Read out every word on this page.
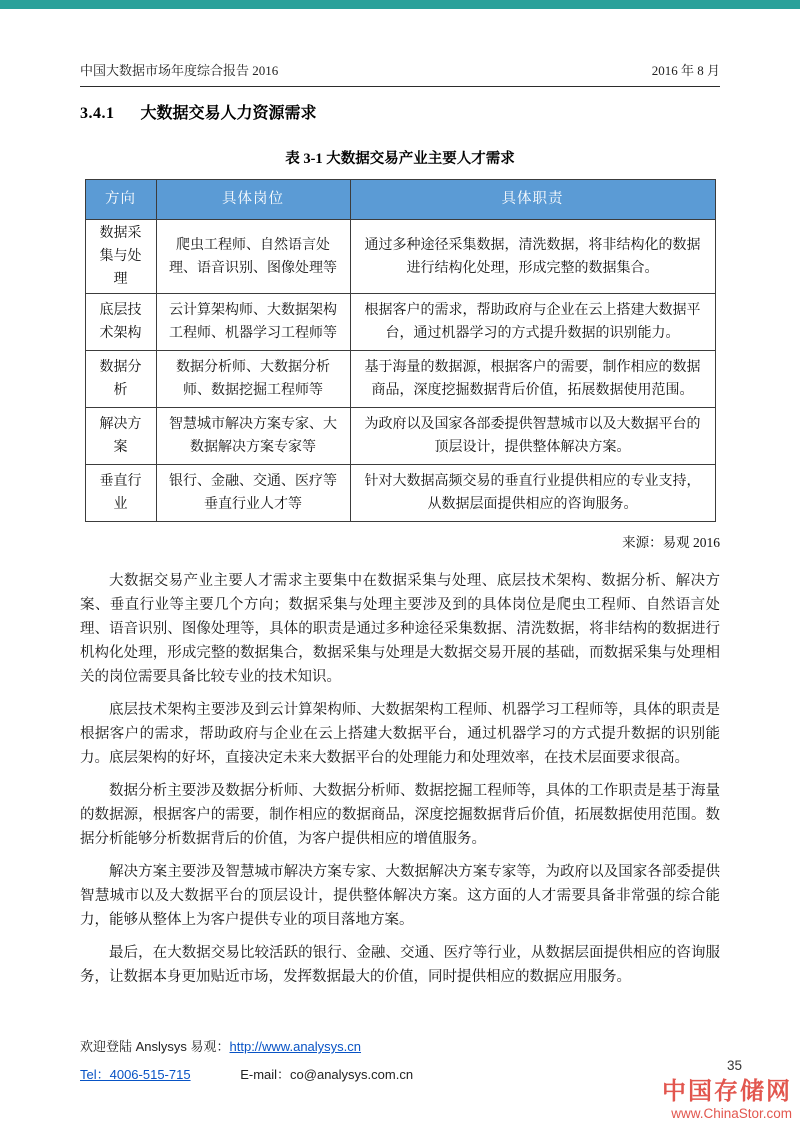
中国大数据市场年度综合报告 2016	2016 年 8 月
3.4.1 大数据交易人力资源需求
表 3-1 大数据交易产业主要人才需求
方向	具体岗位	具体职责
数据采集与处理	爬虫工程师、自然语言处理、语音识别、图像处理等	通过多种途径采集数据，清洗数据，将非结构化的数据进行结构化处理，形成完整的数据集合。
底层技术架构	云计算架构师、大数据架构工程师、机器学习工程师等	根据客户的需求，帮助政府与企业在云上搭建大数据平台，通过机器学习的方式提升数据的识别能力。
数据分析	数据分析师、大数据分析师、数据挖掘工程师等	基于海量的数据源，根据客户的需要，制作相应的数据商品，深度挖掘数据背后价值，拓展数据使用范围。
解决方案	智慧城市解决方案专家、大数据解决方案专家等	为政府以及国家各部委提供智慧城市以及大数据平台的顶层设计，提供整体解决方案。
垂直行业	银行、金融、交通、医疗等垂直行业人才等	针对大数据高频交易的垂直行业提供相应的专业支持，从数据层面提供相应的咨询服务。
来源：易观 2016

大数据交易产业主要人才需求主要集中在数据采集与处理、底层技术架构、数据分析、解决方案、垂直行业等主要几个方向；数据采集与处理主要涉及到的具体岗位是爬虫工程师、自然语言处理、语音识别、图像处理等，具体的职责是通过多种途径采集数据、清洗数据，将非结构的数据进行机构化处理，形成完整的数据集合，数据采集与处理是大数据交易开展的基础，而数据采集与处理相关的岗位需要具备比较专业的技术知识。

底层技术架构主要涉及到云计算架构师、大数据架构工程师、机器学习工程师等，具体的职责是根据客户的需求，帮助政府与企业在云上搭建大数据平台，通过机器学习的方式提升数据的识别能力。底层架构的好坏，直接决定未来大数据平台的处理能力和处理效率，在技术层面要求很高。

数据分析主要涉及数据分析师、大数据分析师、数据挖掘工程师等，具体的工作职责是基于海量的数据源，根据客户的需要，制作相应的数据商品，深度挖掘数据背后价值，拓展数据使用范围。数据分析能够分析数据背后的价值，为客户提供相应的增值服务。

解决方案主要涉及智慧城市解决方案专家、大数据解决方案专家等，为政府以及国家各部委提供智慧城市以及大数据平台的顶层设计，提供整体解决方案。这方面的人才需要具备非常强的综合能力，能够从整体上为客户提供专业的项目落地方案。

最后，在大数据交易比较活跃的银行、金融、交通、医疗等行业，从数据层面提供相应的咨询服务，让数据本身更加贴近市场，发挥数据最大的价值，同时提供相应的数据应用服务。

欢迎登陆 Anslysys 易观：http://www.analysys.cn
Tel：4006-515-715	E-mail：co@analysys.com.cn
35
中国存储网
www.ChinaStor.com
